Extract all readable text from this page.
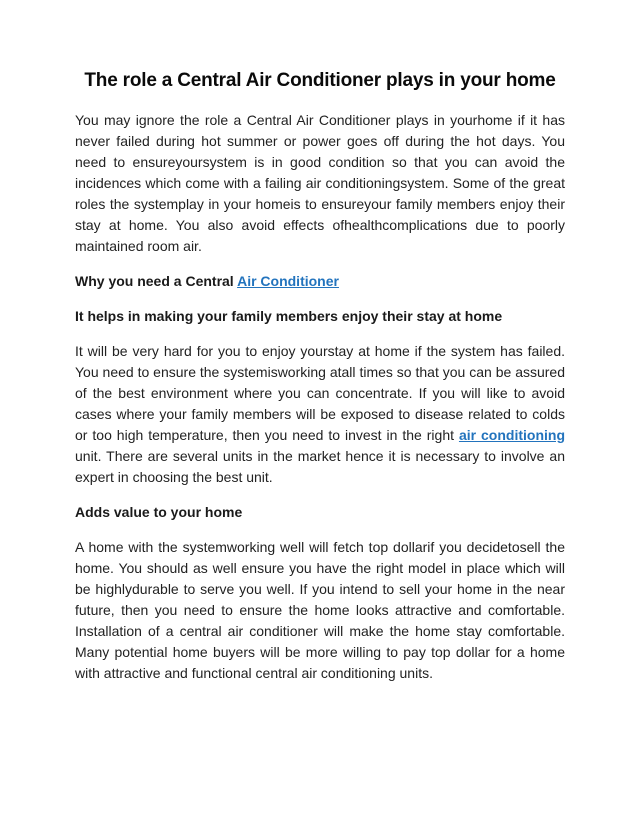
The role a Central Air Conditioner plays in your home

You may ignore the role a Central Air Conditioner plays in yourhome if it has never failed during hot summer or power goes off during the hot days. You need to ensureyoursystem is in good condition so that you can avoid the incidences which come with a failing air conditioningsystem. Some of the great roles the systemplay in your homeis to ensureyour family members enjoy their stay at home. You also avoid effects ofhealthcomplications due to poorly maintained room air.

Why you need a Central Air Conditioner

It helps in making your family members enjoy their stay at home

It will be very hard for you to enjoy yourstay at home if the system has failed. You need to ensure the systemisworking atall times so that you can be assured of the best environment where you can concentrate. If you will like to avoid cases where your family members will be exposed to disease related to colds or too high temperature, then you need to invest in the right air conditioning unit. There are several units in the market hence it is necessary to involve an expert in choosing the best unit.

Adds value to your home

A home with the systemworking well will fetch top dollarif you decidetosell the home. You should as well ensure you have the right model in place which will be highlydurable to serve you well. If you intend to sell your home in the near future, then you need to ensure the home looks attractive and comfortable. Installation of a central air conditioner will make the home stay comfortable. Many potential home buyers will be more willing to pay top dollar for a home with attractive and functional central air conditioning units.
